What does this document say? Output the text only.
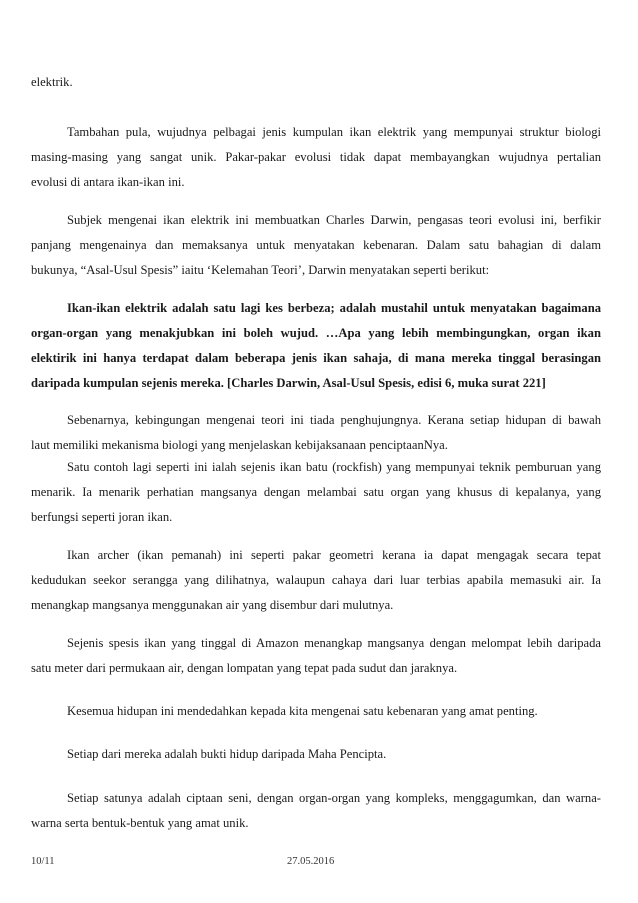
elektrik.
Tambahan pula, wujudnya pelbagai jenis kumpulan ikan elektrik yang mempunyai struktur biologi
masing-masing yang sangat unik. Pakar-pakar evolusi tidak dapat membayangkan wujudnya pertalian
evolusi di antara ikan-ikan ini.
Subjek mengenai ikan elektrik ini membuatkan Charles Darwin, pengasas teori evolusi ini, berfikir
panjang mengenainya dan memaksanya untuk menyatakan kebenaran. Dalam satu bahagian di dalam
bukunya, “Asal-Usul Spesis” iaitu ‘Kelemahan Teori’, Darwin menyatakan seperti berikut:
Ikan-ikan elektrik adalah satu lagi kes berbeza; adalah mustahil untuk menyatakan bagaimana
organ-organ yang menakjubkan ini boleh wujud. …Apa yang lebih membingungkan, organ ikan
elektirik ini hanya terdapat dalam beberapa jenis ikan sahaja, di mana mereka tinggal berasingan
daripada kumpulan sejenis mereka. [Charles Darwin, Asal-Usul Spesis, edisi 6, muka surat 221]
Sebenarnya, kebingungan mengenai teori ini tiada penghujungnya. Kerana setiap hidupan di bawah
laut memiliki mekanisma biologi yang menjelaskan kebijaksanaan penciptaanNya.
Satu contoh lagi seperti ini ialah sejenis ikan batu (rockfish) yang mempunyai teknik pemburuan yang
menarik. Ia menarik perhatian mangsanya dengan melambai satu organ yang khusus di kepalanya, yang
berfungsi seperti joran ikan.
Ikan archer (ikan pemanah) ini seperti pakar geometri kerana ia dapat mengagak secara tepat
kedudukan seekor serangga yang dilihatnya, walaupun cahaya dari luar terbias apabila memasuki air. Ia
menangkap mangsanya menggunakan air yang disembur dari mulutnya.
Sejenis spesis ikan yang tinggal di Amazon menangkap mangsanya dengan melompat lebih daripada
satu meter dari permukaan air, dengan lompatan yang tepat pada sudut dan jaraknya.
Kesemua hidupan ini mendedahkan kepada kita mengenai satu kebenaran yang amat penting.
Setiap dari mereka adalah bukti hidup daripada Maha Pencipta.
Setiap satunya adalah ciptaan seni, dengan organ-organ yang kompleks, menggagumkan, dan warna-
warna serta bentuk-bentuk yang amat unik.
10/11	27.05.2016
